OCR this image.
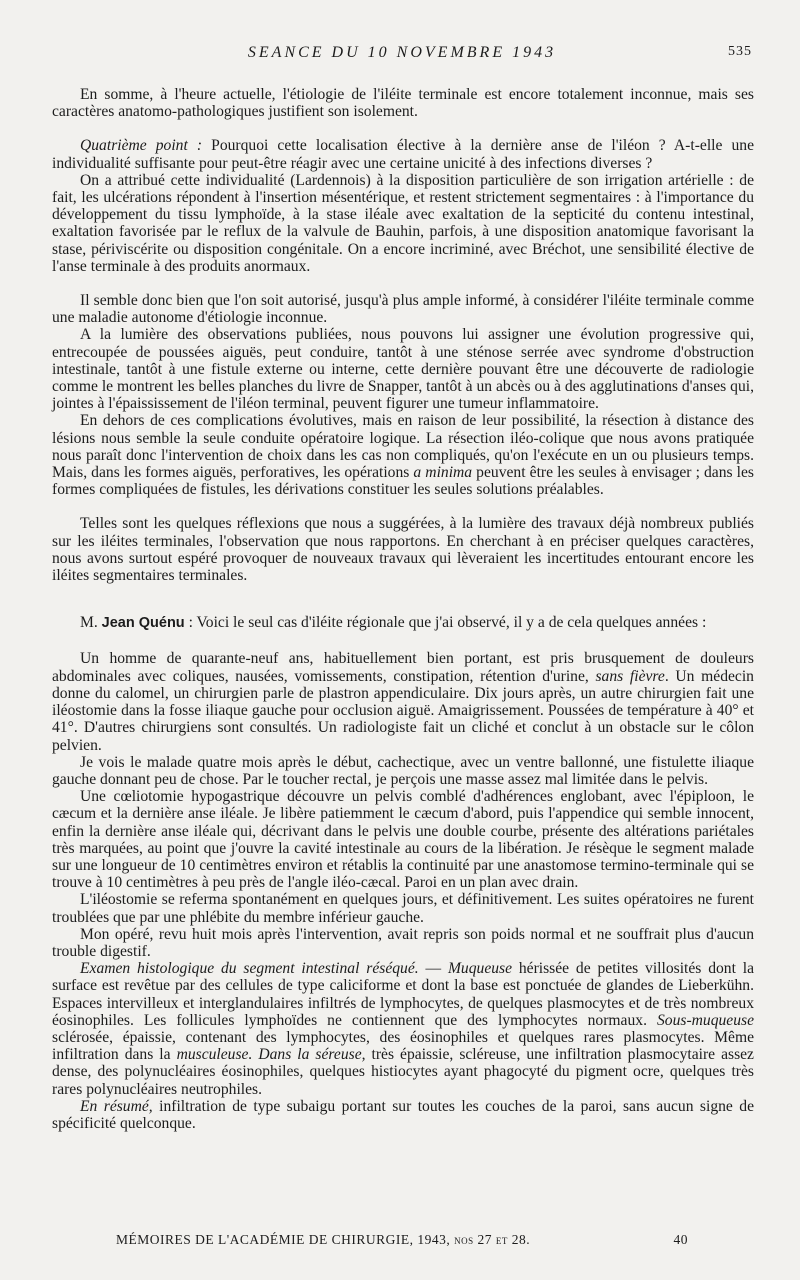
SEANCE DU 10 NOVEMBRE 1943	535

En somme, à l'heure actuelle, l'étiologie de l'iléite terminale est encore totalement inconnue, mais ses caractères anatomo-pathologiques justifient son isolement.

Quatrième point : Pourquoi cette localisation élective à la dernière anse de l'iléon ? A-t-elle une individualité suffisante pour peut-être réagir avec une certaine unicité à des infections diverses ?

On a attribué cette individualité (Lardennois) à la disposition particulière de son irrigation artérielle : de fait, les ulcérations répondent à l'insertion mésentérique, et restent strictement segmentaires : à l'importance du développement du tissu lymphoïde, à la stase iléale avec exaltation de la septicité du contenu intestinal, exaltation favorisée par le reflux de la valvule de Bauhin, parfois, à une disposition anatomique favorisant la stase, périviscérite ou disposition congénitale. On a encore incriminé, avec Bréchot, une sensibilité élective de l'anse terminale à des produits anormaux.

Il semble donc bien que l'on soit autorisé, jusqu'à plus ample informé, à considérer l'iléite terminale comme une maladie autonome d'étiologie inconnue.

A la lumière des observations publiées, nous pouvons lui assigner une évolution progressive qui, entrecoupée de poussées aiguës, peut conduire, tantôt à une sténose serrée avec syndrome d'obstruction intestinale, tantôt à une fistule externe ou interne, cette dernière pouvant être une découverte de radiologie comme le montrent les belles planches du livre de Snapper, tantôt à un abcès ou à des agglutinations d'anses qui, jointes à l'épaississement de l'iléon terminal, peuvent figurer une tumeur inflammatoire.

En dehors de ces complications évolutives, mais en raison de leur possibilité, la résection à distance des lésions nous semble la seule conduite opératoire logique. La résection iléo-colique que nous avons pratiquée nous paraît donc l'intervention de choix dans les cas non compliqués, qu'on l'exécute en un ou plusieurs temps. Mais, dans les formes aiguës, perforatives, les opérations a minima peuvent être les seules à envisager ; dans les formes compliquées de fistules, les dérivations constituer les seules solutions préalables.

Telles sont les quelques réflexions que nous a suggérées, à la lumière des travaux déjà nombreux publiés sur les iléites terminales, l'observation que nous rapportons. En cherchant à en préciser quelques caractères, nous avons surtout espéré provoquer de nouveaux travaux qui lèveraient les incertitudes entourant encore les iléites segmentaires terminales.

M. Jean Quénu : Voici le seul cas d'iléite régionale que j'ai observé, il y a de cela quelques années :

Un homme de quarante-neuf ans, habituellement bien portant, est pris brusquement de douleurs abdominales avec coliques, nausées, vomissements, constipation, rétention d'urine, sans fièvre. Un médecin donne du calomel, un chirurgien parle de plastron appendiculaire. Dix jours après, un autre chirurgien fait une iléostomie dans la fosse iliaque gauche pour occlusion aiguë. Amaigrissement. Poussées de température à 40° et 41°. D'autres chirurgiens sont consultés. Un radiologiste fait un cliché et conclut à un obstacle sur le côlon pelvien.

Je vois le malade quatre mois après le début, cachectique, avec un ventre ballonné, une fistulette iliaque gauche donnant peu de chose. Par le toucher rectal, je perçois une masse assez mal limitée dans le pelvis.

Une cœliotomie hypogastrique découvre un pelvis comblé d'adhérences englobant, avec l'épiploon, le cæcum et la dernière anse iléale. Je libère patiemment le cæcum d'abord, puis l'appendice qui semble innocent, enfin la dernière anse iléale qui, décrivant dans le pelvis une double courbe, présente des altérations pariétales très marquées, au point que j'ouvre la cavité intestinale au cours de la libération. Je résèque le segment malade sur une longueur de 10 centimètres environ et rétablis la continuité par une anastomose termino-terminale qui se trouve à 10 centimètres à peu près de l'angle iléo-cæcal. Paroi en un plan avec drain.

L'iléostomie se referma spontanément en quelques jours, et définitivement. Les suites opératoires ne furent troublées que par une phlébite du membre inférieur gauche.

Mon opéré, revu huit mois après l'intervention, avait repris son poids normal et ne souffrait plus d'aucun trouble digestif.

Examen histologique du segment intestinal réséqué. — Muqueuse hérissée de petites villosités dont la surface est revêtue par des cellules de type caliciforme et dont la base est ponctuée de glandes de Lieberkühn. Espaces intervilleux et interglandulaires infiltrés de lymphocytes, de quelques plasmocytes et de très nombreux éosinophiles. Les follicules lymphoïdes ne contiennent que des lymphocytes normaux. Sous-muqueuse sclérosée, épaissie, contenant des lymphocytes, des éosinophiles et quelques rares plasmocytes. Même infiltration dans la musculeuse. Dans la séreuse, très épaissie, scléreuse, une infiltration plasmocytaire assez dense, des polynucléaires éosinophiles, quelques histiocytes ayant phagocyté du pigment ocre, quelques très rares polynucléaires neutrophiles.

En résumé, infiltration de type subaigu portant sur toutes les couches de la paroi, sans aucun signe de spécificité quelconque.

MÉMOIRES DE L'ACADÉMIE DE CHIRURGIE, 1943, nos 27 et 28.	40
